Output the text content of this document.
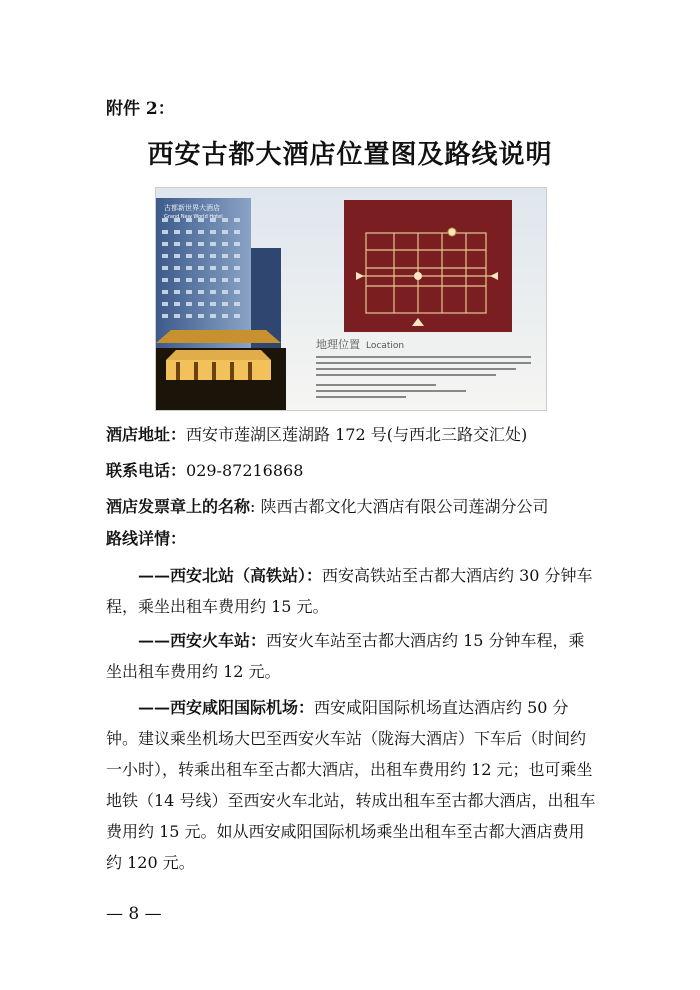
附件 2：
西安古都大酒店位置图及路线说明
古都新世界大酒店
Grand New World Hotel
地理位置 Location
酒店地址：西安市莲湖区莲湖路 172 号(与西北三路交汇处)
联系电话：029-87216868
酒店发票章上的名称: 陕西古都文化大酒店有限公司莲湖分公司
路线详情：
——西安北站（高铁站）：西安高铁站至古都大酒店约 30 分钟车程，乘坐出租车费用约 15 元。
——西安火车站：西安火车站至古都大酒店约 15 分钟车程，乘坐出租车费用约 12 元。
——西安咸阳国际机场：西安咸阳国际机场直达酒店约 50 分钟。建议乘坐机场大巴至西安火车站（陇海大酒店）下车后（时间约一小时），转乘出租车至古都大酒店，出租车费用约 12 元；也可乘坐地铁（14 号线）至西安火车北站，转成出租车至古都大酒店，出租车费用约 15 元。如从西安咸阳国际机场乘坐出租车至古都大酒店费用约 120 元。
— 8 —
